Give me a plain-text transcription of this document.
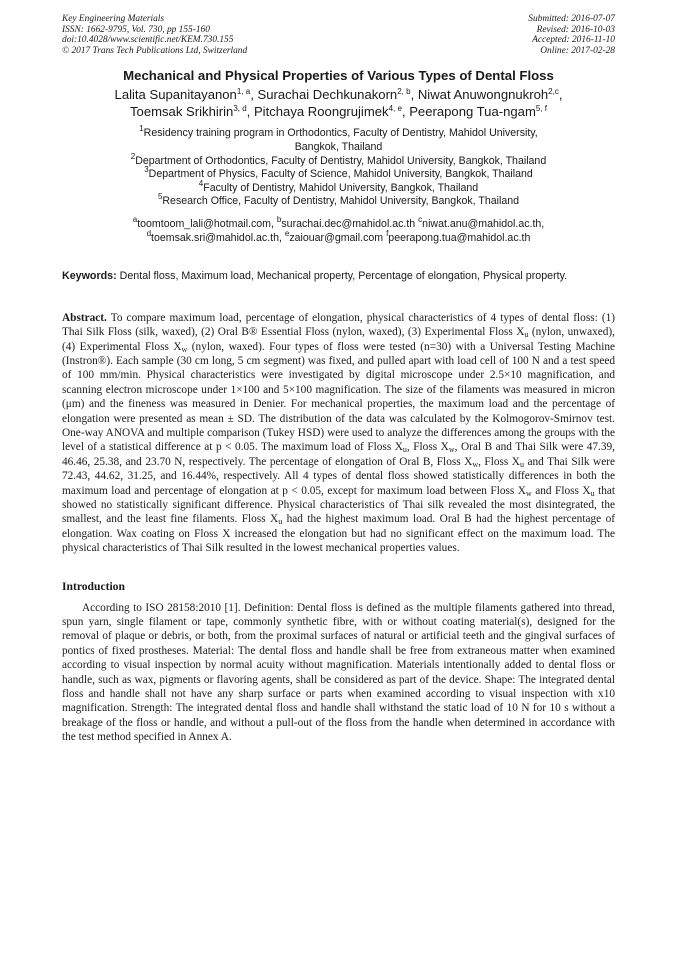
Key Engineering Materials
ISSN: 1662-9795, Vol. 730, pp 155-160
doi:10.4028/www.scientific.net/KEM.730.155
© 2017 Trans Tech Publications Ltd, Switzerland
Submitted: 2016-07-07
Revised: 2016-10-03
Accepted: 2016-11-10
Online: 2017-02-28
Mechanical and Physical Properties of Various Types of Dental Floss
Lalita Supanitayanon$^{1, a}$, Surachai Dechkunakorn$^{2, b}$, Niwat Anuwongnukroh$^{2,c}$,
Toemsak Srikhirin$^{3, d}$, Pitchaya Roongrujimek$^{4, e}$, Peerapong Tua-ngam$^{5, f}$
$^1$Residency training program in Orthodontics, Faculty of Dentistry, Mahidol University,
Bangkok, Thailand
$^2$Department of Orthodontics, Faculty of Dentistry, Mahidol University, Bangkok, Thailand
$^3$Department of Physics, Faculty of Science, Mahidol University, Bangkok, Thailand
$^4$Faculty of Dentistry, Mahidol University, Bangkok, Thailand
$^5$Research Office, Faculty of Dentistry, Mahidol University, Bangkok, Thailand
$^a$toomtoom_lali@hotmail.com, $^b$surachai.dec@mahidol.ac.th $^c$niwat.anu@mahidol.ac.th,
$^d$toemsak.sri@mahidol.ac.th, $^e$zaiouar@gmail.com $^f$peerapong.tua@mahidol.ac.th
Keywords: Dental floss, Maximum load, Mechanical property, Percentage of elongation, Physical property.
Abstract. To compare maximum load, percentage of elongation, physical characteristics of 4 types of dental floss: (1) Thai Silk Floss (silk, waxed), (2) Oral B® Essential Floss (nylon, waxed), (3) Experimental Floss $X_u$ (nylon, unwaxed), (4) Experimental Floss $X_w$ (nylon, waxed). Four types of floss were tested (n=30) with a Universal Testing Machine (Instron®). Each sample (30 cm long, 5 cm segment) was fixed, and pulled apart with load cell of 100 N and a test speed of 100 mm/min. Physical characteristics were investigated by digital microscope under 2.5×10 magnification, and scanning electron microscope under 1×100 and 5×100 magnification. The size of the filaments was measured in micron (μm) and the fineness was measured in Denier. For mechanical properties, the maximum load and the percentage of elongation were presented as mean ± SD. The distribution of the data was calculated by the Kolmogorov-Smirnov test. One-way ANOVA and multiple comparison (Tukey HSD) were used to analyze the differences among the groups with the level of a statistical difference at p < 0.05. The maximum load of Floss $X_u$, Floss $X_w$, Oral B and Thai Silk were 47.39, 46.46, 25.38, and 23.70 N, respectively. The percentage of elongation of Oral B, Floss $X_w$, Floss $X_u$ and Thai Silk were 72.43, 44.62, 31.25, and 16.44%, respectively. All 4 types of dental floss showed statistically differences in both the maximum load and percentage of elongation at p < 0.05, except for maximum load between Floss $X_w$ and Floss $X_u$ that showed no statistically significant difference. Physical characteristics of Thai silk revealed the most disintegrated, the smallest, and the least fine filaments. Floss $X_u$ had the highest maximum load. Oral B had the highest percentage of elongation. Wax coating on Floss X increased the elongation but had no significant effect on the maximum load. The physical characteristics of Thai Silk resulted in the lowest mechanical properties values.
Introduction
According to ISO 28158:2010 [1]. Definition: Dental floss is defined as the multiple filaments gathered into thread, spun yarn, single filament or tape, commonly synthetic fibre, with or without coating material(s), designed for the removal of plaque or debris, or both, from the proximal surfaces of natural or artificial teeth and the gingival surfaces of pontics of fixed prostheses. Material: The dental floss and handle shall be free from extraneous matter when examined according to visual inspection by normal acuity without magnification. Materials intentionally added to dental floss or handle, such as wax, pigments or flavoring agents, shall be considered as part of the device. Shape: The integrated dental floss and handle shall not have any sharp surface or parts when examined according to visual inspection with x10 magnification. Strength: The integrated dental floss and handle shall withstand the static load of 10 N for 10 s without a breakage of the floss or handle, and without a pull-out of the floss from the handle when determined in accordance with the test method specified in Annex A.
